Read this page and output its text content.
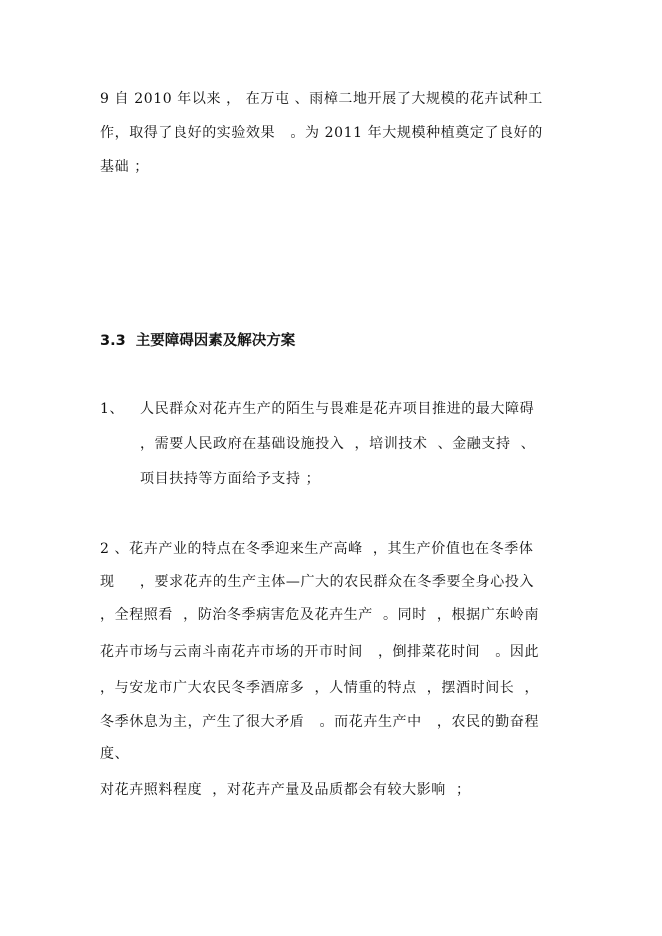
9 自 2010 年以来 ， 在万屯 、雨樟二地开展了大规模的花卉试种工
作，取得了良好的实验效果   。为 2011 年大规模种植奠定了良好的
基础 ；
3.3  主要障碍因素及解决方案
1、 人民群众对花卉生产的陌生与畏难是花卉项目推进的最大障碍
，需要人民政府在基础设施投入  ，培训技术  、金融支持  、
项目扶持等方面给予支持 ；
2 、花卉产业的特点在冬季迎来生产高峰  ，其生产价值也在冬季体
现     ，要求花卉的生产主体—广大的农民群众在冬季要全身心投入
，全程照看  ，防治冬季病害危及花卉生产  。同时  ，根据广东岭南
花卉市场与云南斗南花卉市场的开市时间   ，倒排菜花时间   。因此
，与安龙市广大农民冬季酒席多  ，人情重的特点  ，摆酒时间长  ，
冬季休息为主，产生了很大矛盾   。而花卉生产中   ，农民的勤奋程
度、
对花卉照料程度  ，对花卉产量及品质都会有较大影响  ；
